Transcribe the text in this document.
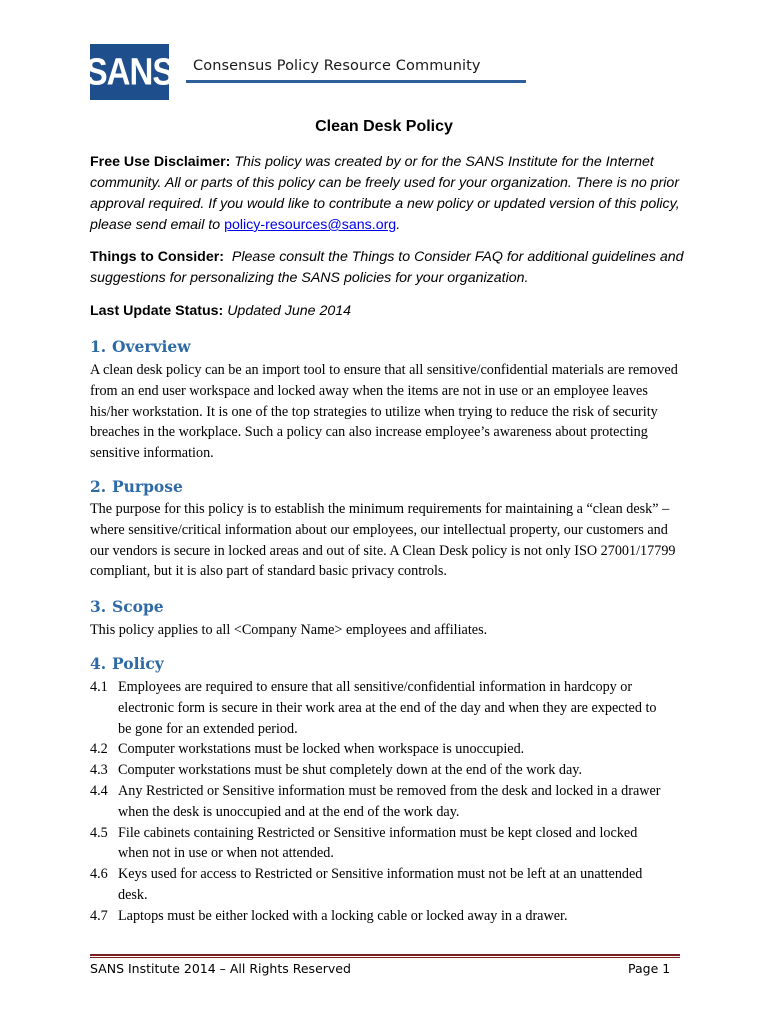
SANS Consensus Policy Resource Community
Clean Desk Policy
Free Use Disclaimer: This policy was created by or for the SANS Institute for the Internet community. All or parts of this policy can be freely used for your organization. There is no prior approval required. If you would like to contribute a new policy or updated version of this policy, please send email to policy-resources@sans.org.
Things to Consider: Please consult the Things to Consider FAQ for additional guidelines and suggestions for personalizing the SANS policies for your organization.
Last Update Status: Updated June 2014
1. Overview
A clean desk policy can be an import tool to ensure that all sensitive/confidential materials are removed from an end user workspace and locked away when the items are not in use or an employee leaves his/her workstation. It is one of the top strategies to utilize when trying to reduce the risk of security breaches in the workplace. Such a policy can also increase employee’s awareness about protecting sensitive information.
2. Purpose
The purpose for this policy is to establish the minimum requirements for maintaining a “clean desk” – where sensitive/critical information about our employees, our intellectual property, our customers and our vendors is secure in locked areas and out of site. A Clean Desk policy is not only ISO 27001/17799 compliant, but it is also part of standard basic privacy controls.
3. Scope
This policy applies to all <Company Name> employees and affiliates.
4. Policy
4.1 Employees are required to ensure that all sensitive/confidential information in hardcopy or electronic form is secure in their work area at the end of the day and when they are expected to be gone for an extended period.
4.2 Computer workstations must be locked when workspace is unoccupied.
4.3 Computer workstations must be shut completely down at the end of the work day.
4.4 Any Restricted or Sensitive information must be removed from the desk and locked in a drawer when the desk is unoccupied and at the end of the work day.
4.5 File cabinets containing Restricted or Sensitive information must be kept closed and locked when not in use or when not attended.
4.6 Keys used for access to Restricted or Sensitive information must not be left at an unattended desk.
4.7 Laptops must be either locked with a locking cable or locked away in a drawer.
SANS Institute 2014 – All Rights Reserved	Page 1
